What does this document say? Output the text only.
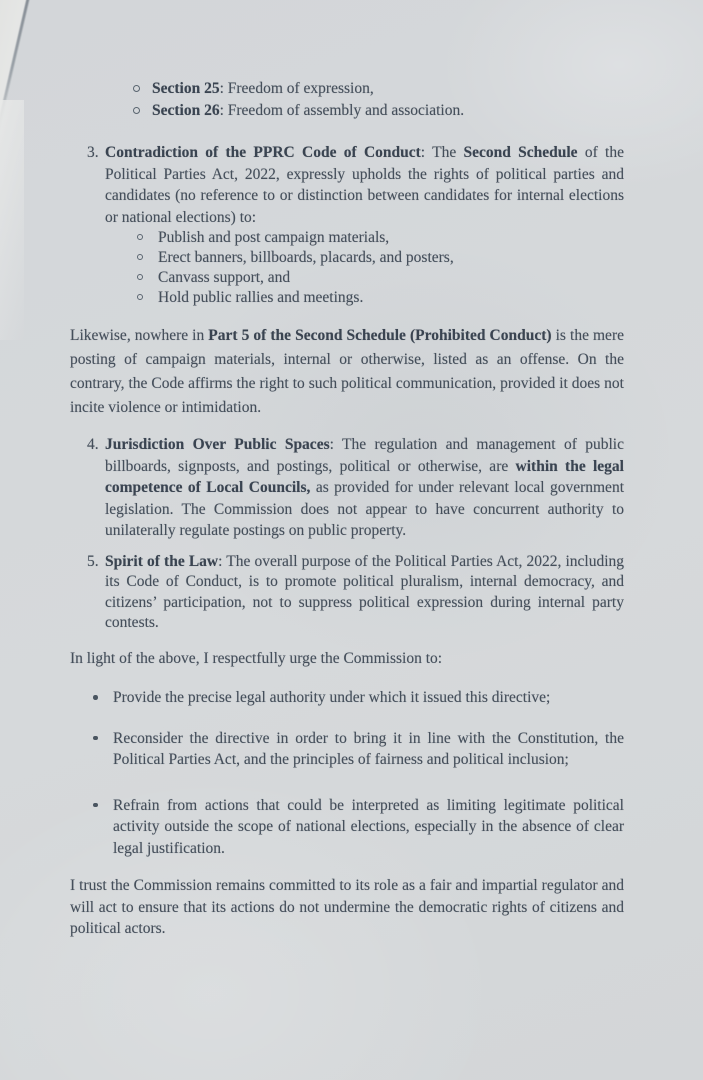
Section 25: Freedom of expression,
Section 26: Freedom of assembly and association.
3. Contradiction of the PPRC Code of Conduct: The Second Schedule of the Political Parties Act, 2022, expressly upholds the rights of political parties and candidates (no reference to or distinction between candidates for internal elections or national elections) to:
Publish and post campaign materials,
Erect banners, billboards, placards, and posters,
Canvass support, and
Hold public rallies and meetings.
Likewise, nowhere in Part 5 of the Second Schedule (Prohibited Conduct) is the mere posting of campaign materials, internal or otherwise, listed as an offense. On the contrary, the Code affirms the right to such political communication, provided it does not incite violence or intimidation.
4. Jurisdiction Over Public Spaces: The regulation and management of public billboards, signposts, and postings, political or otherwise, are within the legal competence of Local Councils, as provided for under relevant local government legislation. The Commission does not appear to have concurrent authority to unilaterally regulate postings on public property.
5. Spirit of the Law: The overall purpose of the Political Parties Act, 2022, including its Code of Conduct, is to promote political pluralism, internal democracy, and citizens’ participation, not to suppress political expression during internal party contests.
In light of the above, I respectfully urge the Commission to:
Provide the precise legal authority under which it issued this directive;
Reconsider the directive in order to bring it in line with the Constitution, the Political Parties Act, and the principles of fairness and political inclusion;
Refrain from actions that could be interpreted as limiting legitimate political activity outside the scope of national elections, especially in the absence of clear legal justification.
I trust the Commission remains committed to its role as a fair and impartial regulator and will act to ensure that its actions do not undermine the democratic rights of citizens and political actors.
